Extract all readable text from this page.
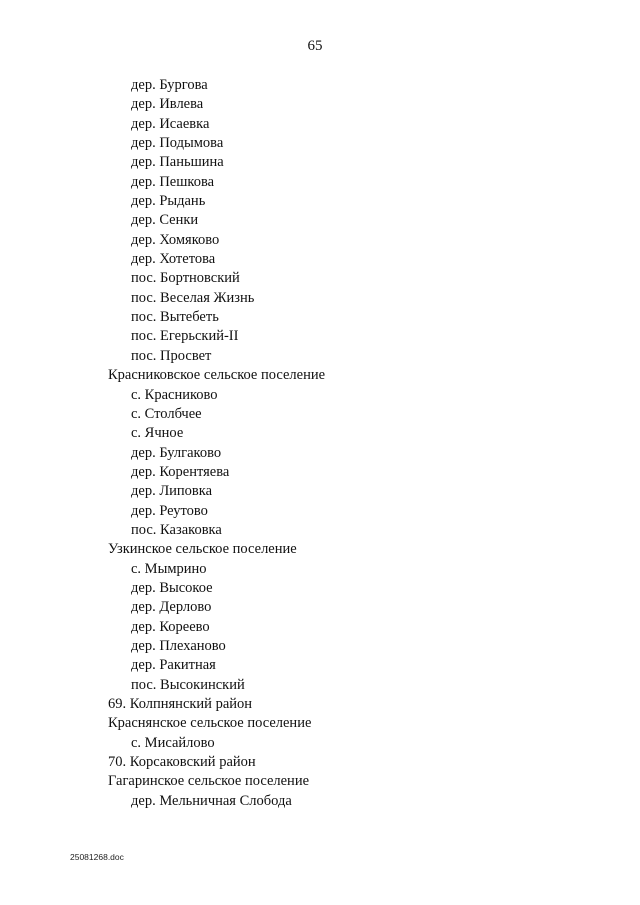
65
дер. Бургова
дер. Ивлева
дер. Исаевка
дер. Подымова
дер. Паньшина
дер. Пешкова
дер. Рыдань
дер. Сенки
дер. Хомяково
дер. Хотетова
пос. Бортновский
пос. Веселая Жизнь
пос. Вытебеть
пос. Егерьский-II
пос. Просвет
Красниковское сельское поселение
с. Красниково
с. Столбчее
с. Ячное
дер. Булгаково
дер. Корентяева
дер. Липовка
дер. Реутово
пос. Казаковка
Узкинское сельское поселение
с. Мымрино
дер. Высокое
дер. Дерлово
дер. Кореево
дер. Плеханово
дер. Ракитная
пос. Высокинский
69. Колпнянский район
Краснянское сельское поселение
с. Мисайлово
70. Корсаковский район
Гагаринское сельское поселение
дер. Мельничная Слобода
25081268.doc
